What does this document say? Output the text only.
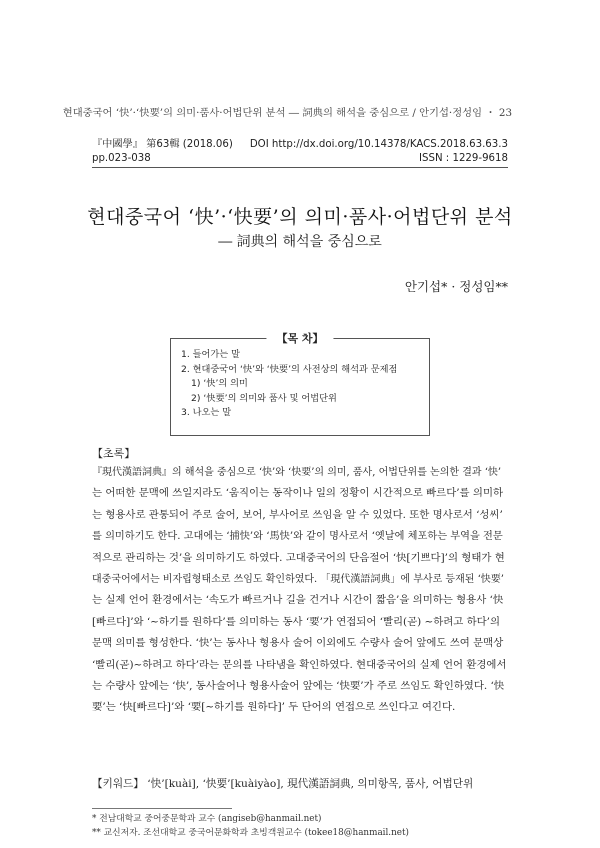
현대중국어 ‘快’·‘快要’의 의미·품사·어법단위 분석 ― 詞典의 해석을 중심으로 / 안기섭·정성임 ・ 23
『中國學』 第63輯 (2018.06) DOI http://dx.doi.org/10.14378/KACS.2018.63.63.3
pp.023-038	ISSN : 1229-9618
현대중국어 ‘快’·‘快要’의 의미·품사·어법단위 분석
― 詞典의 해석을 중심으로
안기섭* · 정성임**
【목 차】
1. 들어가는 말
2. 현대중국어 ‘快’와 ‘快要’의 사전상의 해석과 문제점
1) ‘快’의 의미
2) ‘快要’의 의미와 품사 및 어법단위
3. 나오는 말
【초록】
『現代漢語詞典』의 해석을 중심으로 ‘快’와 ‘快要’의 의미, 품사, 어법단위를 논의한 결과 ‘快’
는 어떠한 문맥에 쓰일지라도 ‘움직이는 동작이나 일의 정황이 시간적으로 빠르다’를 의미하
는 형용사로 관통되어 주로 술어, 보어, 부사어로 쓰임을 알 수 있었다. 또한 명사로서 ‘성씨’
를 의미하기도 한다. 고대에는 ‘捕快’와 ‘馬快’와 같이 명사로서 ‘옛날에 체포하는 부역을 전문
적으로 관리하는 것’을 의미하기도 하였다. 고대중국어의 단음절어 ‘快[기쁘다]’의 형태가 현
대중국어에서는 비자립형태소로 쓰임도 확인하였다. 「現代漢語詞典」에 부사로 등재된 ‘快要’
는 실제 언어 환경에서는 ‘속도가 빠르거나 길을 건거나 시간이 짧음’을 의미하는 형용사 ‘快
[빠르다]’와 ‘∼하기를 원하다’를 의미하는 동사 ‘要’가 연접되어 ‘빨리(곧) ∼하려고 하다’의
문맥 의미를 형성한다. ‘快’는 동사나 형용사 술어 이외에도 수량사 술어 앞에도 쓰여 문맥상
‘빨리(곧)∼하려고 하다’라는 문의를 나타냄을 확인하였다. 현대중국어의 실제 언어 환경에서
는 수량사 앞에는 ‘快’, 동사술어나 형용사술어 앞에는 ‘快要’가 주로 쓰임도 확인하였다. ‘快
要’는 ‘快[빠르다]’와 ‘要[∼하기를 원하다]’ 두 단어의 연접으로 쓰인다고 여긴다.
【키워드】 ‘快’[kuài], ‘快要’[kuàiyào], 現代漢語詞典, 의미항목, 품사, 어법단위
* 전남대학교 중어중문학과 교수 (angiseb@hanmail.net)
** 교신저자. 조선대학교 중국어문화학과 초빙객원교수 (tokee18@hanmail.net)
